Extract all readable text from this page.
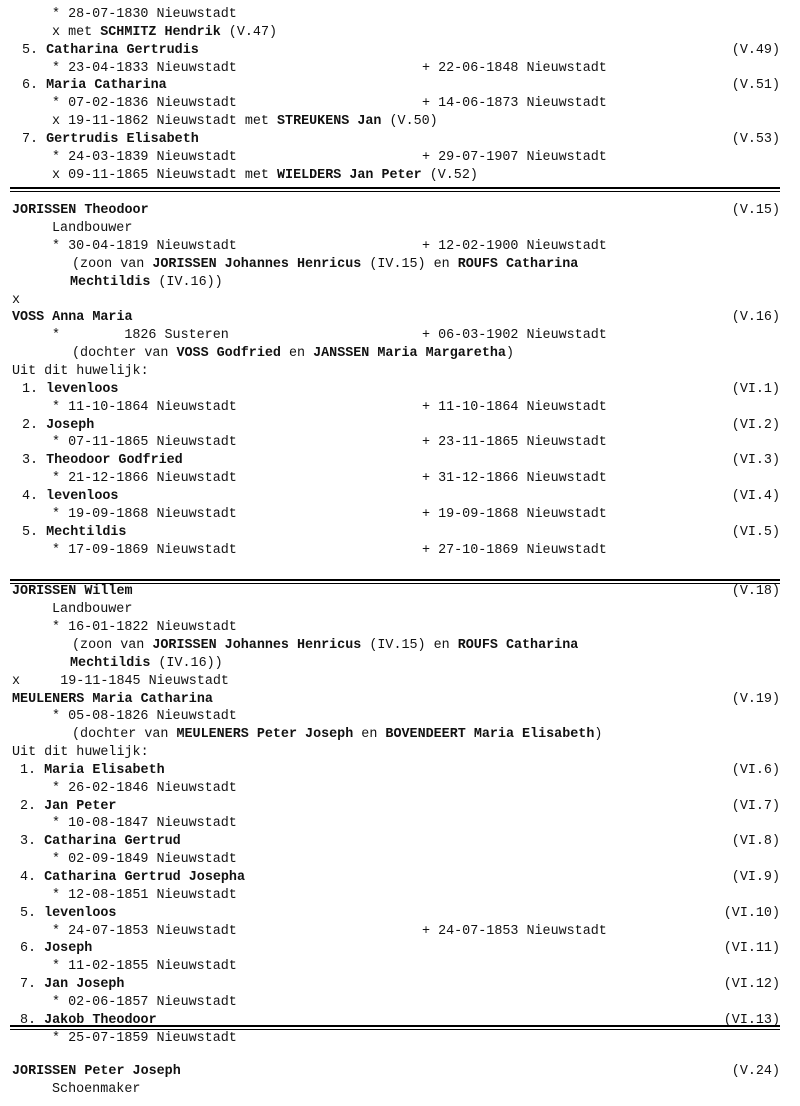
* 28-07-1830 Nieuwstadt
x met SCHMITZ Hendrik (V.47)
5. Catharina Gertrudis	(V.49)
* 23-04-1833 Nieuwstadt	+ 22-06-1848 Nieuwstadt
6. Maria Catharina	(V.51)
* 07-02-1836 Nieuwstadt	+ 14-06-1873 Nieuwstadt
x 19-11-1862 Nieuwstadt met STREUKENS Jan (V.50)
7. Gertrudis Elisabeth	(V.53)
* 24-03-1839 Nieuwstadt	+ 29-07-1907 Nieuwstadt
x 09-11-1865 Nieuwstadt met WIELDERS Jan Peter (V.52)
JORISSEN Theodoor	(V.15)
Landbouwer
* 30-04-1819 Nieuwstadt	+ 12-02-1900 Nieuwstadt
(zoon van JORISSEN Johannes Henricus (IV.15) en ROUFS Catharina
Mechtildis (IV.16))
x
VOSS Anna Maria	(V.16)
*        1826 Susteren	+ 06-03-1902 Nieuwstadt
(dochter van VOSS Godfried en JANSSEN Maria Margaretha)
Uit dit huwelijk:
1. levenloos	(VI.1)
* 11-10-1864 Nieuwstadt	+ 11-10-1864 Nieuwstadt
2. Joseph	(VI.2)
* 07-11-1865 Nieuwstadt	+ 23-11-1865 Nieuwstadt
3. Theodoor Godfried	(VI.3)
* 21-12-1866 Nieuwstadt	+ 31-12-1866 Nieuwstadt
4. levenloos	(VI.4)
* 19-09-1868 Nieuwstadt	+ 19-09-1868 Nieuwstadt
5. Mechtildis	(VI.5)
* 17-09-1869 Nieuwstadt	+ 27-10-1869 Nieuwstadt
JORISSEN Willem	(V.18)
Landbouwer
* 16-01-1822 Nieuwstadt
(zoon van JORISSEN Johannes Henricus (IV.15) en ROUFS Catharina
Mechtildis (IV.16))
x     19-11-1845 Nieuwstadt
MEULENERS Maria Catharina	(V.19)
* 05-08-1826 Nieuwstadt
(dochter van MEULENERS Peter Joseph en BOVENDEERT Maria Elisabeth)
Uit dit huwelijk:
1. Maria Elisabeth	(VI.6)
* 26-02-1846 Nieuwstadt
2. Jan Peter	(VI.7)
* 10-08-1847 Nieuwstadt
3. Catharina Gertrud	(VI.8)
* 02-09-1849 Nieuwstadt
4. Catharina Gertrud Josepha	(VI.9)
* 12-08-1851 Nieuwstadt
5. levenloos	(VI.10)
* 24-07-1853 Nieuwstadt	+ 24-07-1853 Nieuwstadt
6. Joseph	(VI.11)
* 11-02-1855 Nieuwstadt
7. Jan Joseph	(VI.12)
* 02-06-1857 Nieuwstadt
8. Jakob Theodoor	(VI.13)
* 25-07-1859 Nieuwstadt
JORISSEN Peter Joseph	(V.24)
Schoenmaker
